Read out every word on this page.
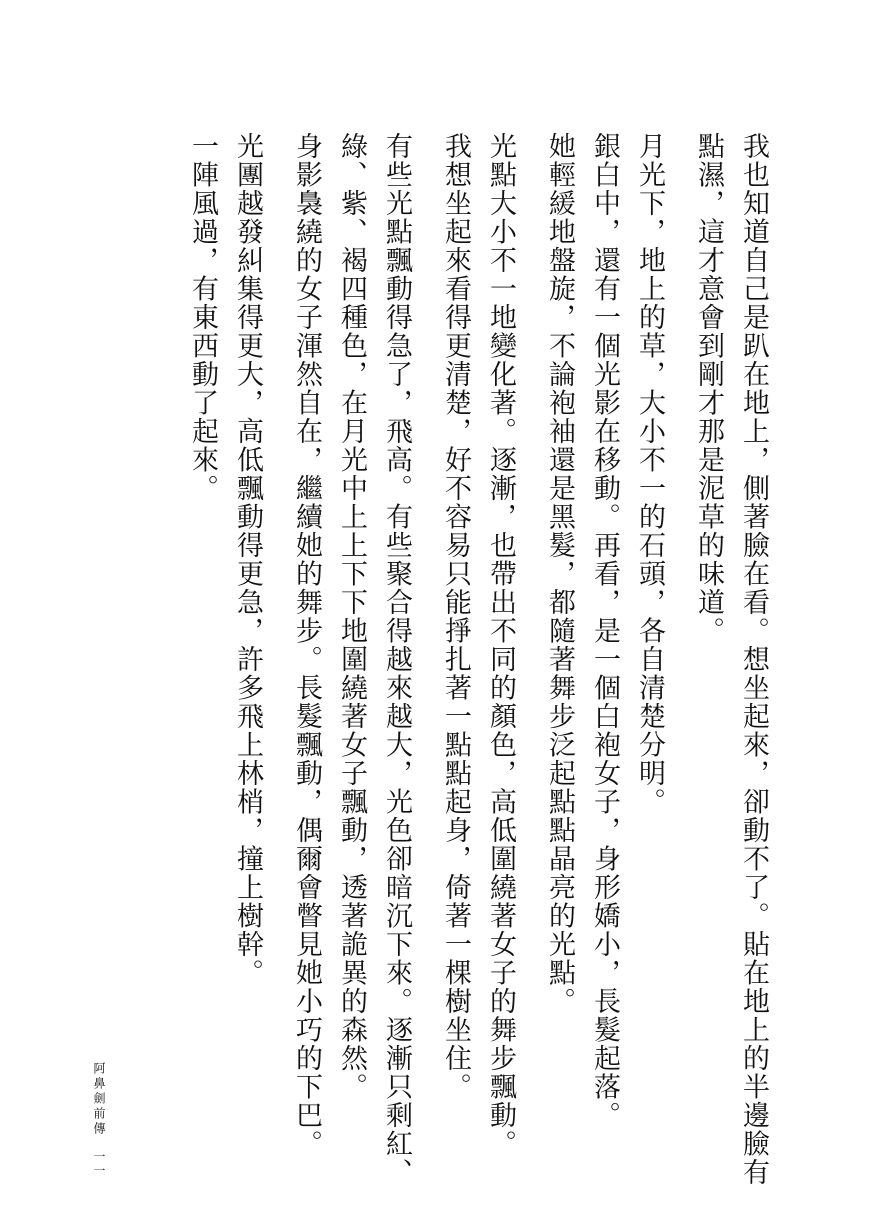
我也知道自己是趴在地上，側著臉在看。想坐起來，卻動不了。貼在地上的半邊臉有
點濕，這才意會到剛才那是泥草的味道。
月光下，地上的草，大小不一的石頭，各自清楚分明。
銀白中，還有一個光影在移動。再看，是一個白袍女子，身形嬌小，長髮起落。
她輕緩地盤旋，不論袍袖還是黑髮，都隨著舞步泛起點點晶亮的光點。
光點大小不一地變化著。逐漸，也帶出不同的顏色，高低圍繞著女子的舞步飄動。
我想坐起來看得更清楚，好不容易只能掙扎著一點點起身，倚著一棵樹坐住。
有些光點飄動得急了，飛高。有些聚合得越來越大，光色卻暗沉下來。逐漸只剩紅、
綠、紫、褐四種色，在月光中上上下下地圍繞著女子飄動，透著詭異的森然。
身影裊繞的女子渾然自在，繼續她的舞步。長髮飄動，偶爾會瞥見她小巧的下巴。
光團越發糾集得更大，高低飄動得更急，許多飛上林梢，撞上樹幹。
一陣風過，有東西動了起來。
阿鼻劍前傳
一一
